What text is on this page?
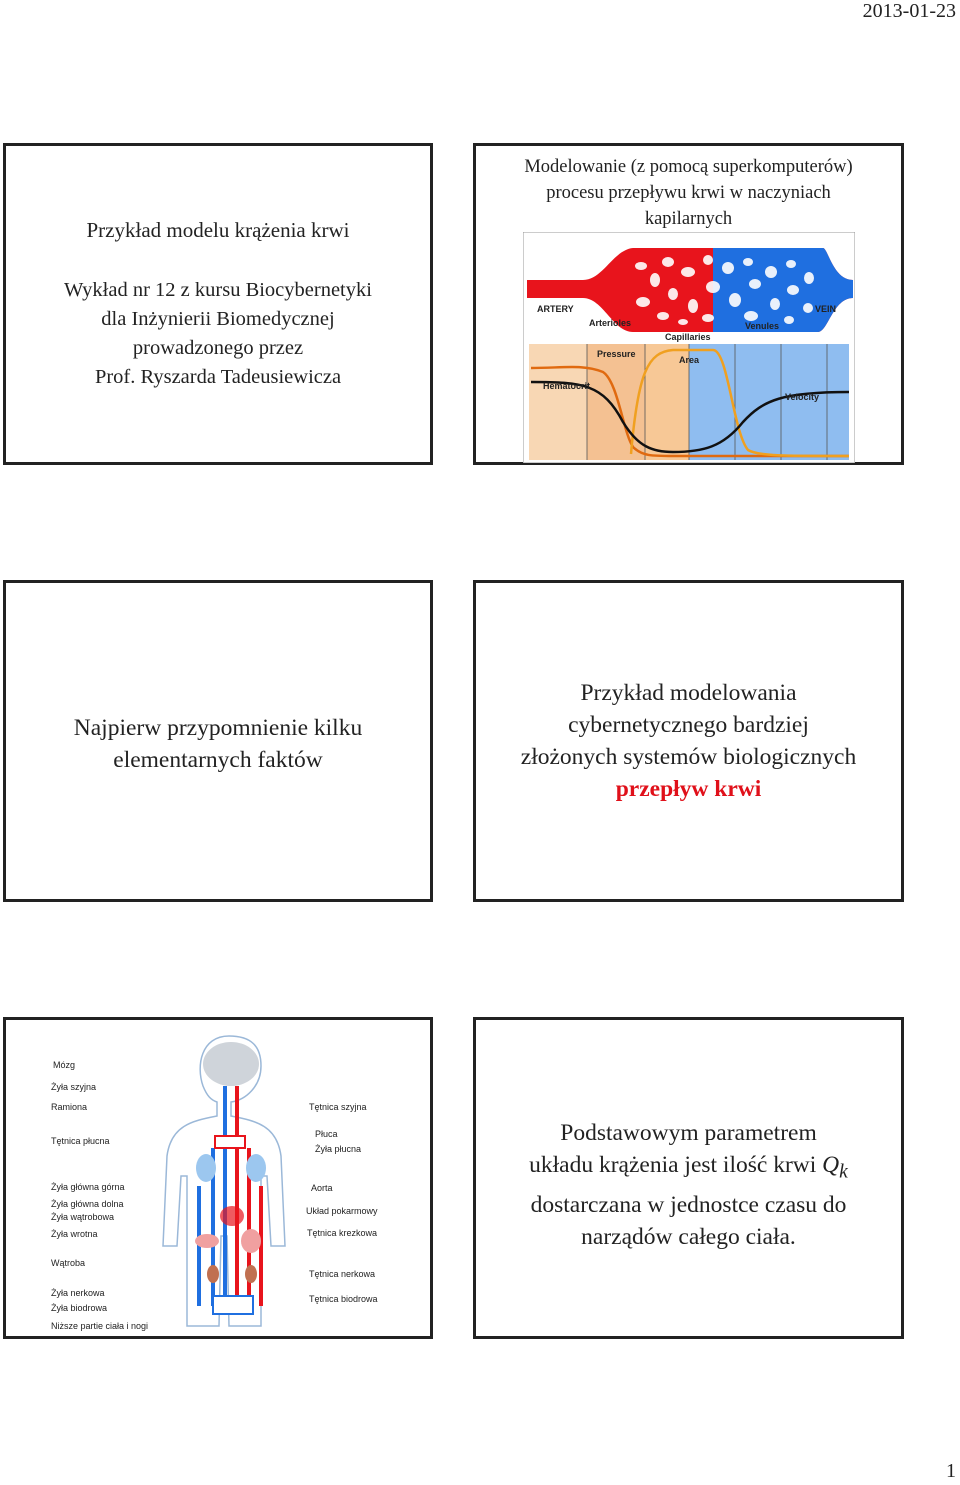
2013-01-23
Przykład modelu krążenia krwi
Wykład nr 12 z kursu Biocybernetyki
dla Inżynierii Biomedycznej
prowadzonego przez
Prof. Ryszarda Tadeusiewicza
Modelowanie (z pomocą superkomputerów)
procesu przepływu krwi w naczyniach
kapilarnych
ARTERY
Arterioles
Capillaries
Venules
VEIN
Pressure
Area
Hematocrit
Velocity
Najpierw przypomnienie kilku
elementarnych faktów
Przykład modelowania
cybernetycznego bardziej
złożonych systemów biologicznych
przepływ krwi
Mózg
Żyła szyjna
Ramiona
Tętnica płucna
Żyła główna górna
Żyła główna dolna
Żyła wątrobowa
Żyła wrotna
Wątroba
Żyła nerkowa
Żyła biodrowa
Niższe partie ciała i nogi
Tętnica szyjna
Płuca
Żyła płucna
Aorta
Układ pokarmowy
Tętnica krezkowa
Tętnica nerkowa
Tętnica biodrowa
Podstawowym parametrem
układu krążenia jest ilość krwi $Q_k$
dostarczana w jednostce czasu do
narządów całego ciała.
1
